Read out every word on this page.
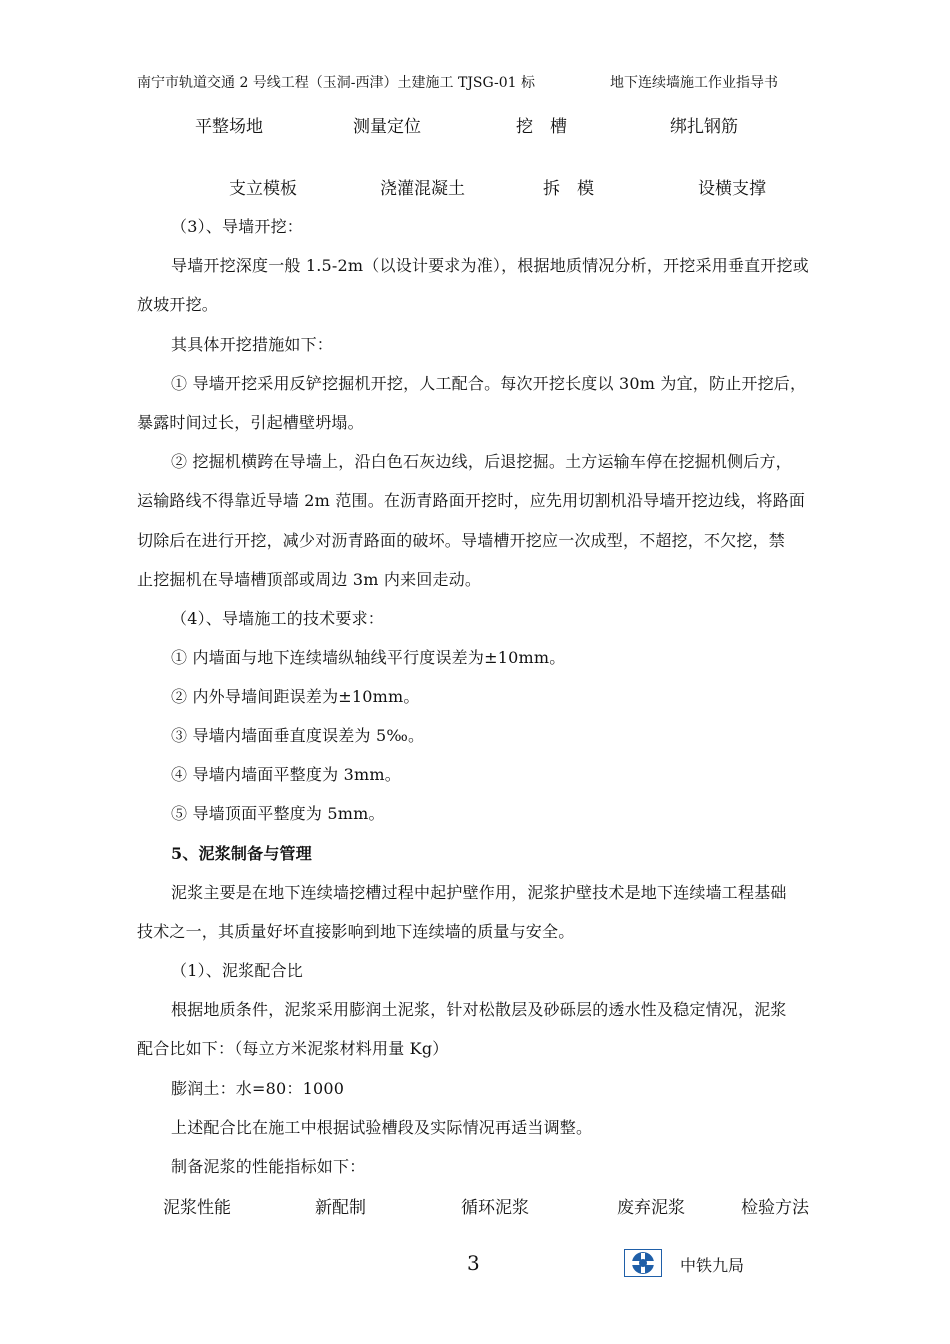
南宁市轨道交通 2 号线工程（玉洞-西津）土建施工 TJSG-01 标	地下连续墙施工作业指导书
平整场地	测量定位	挖　槽	绑扎钢筋
支立模板	浇灌混凝土	拆　模	设横支撑
（3）、导墙开挖：
导墙开挖深度一般 1.5-2m（以设计要求为准），根据地质情况分析，开挖采用垂直开挖或
放坡开挖。
其具体开挖措施如下：
① 导墙开挖采用反铲挖掘机开挖，人工配合。每次开挖长度以 30m 为宜，防止开挖后，
暴露时间过长，引起槽壁坍塌。
② 挖掘机横跨在导墙上，沿白色石灰边线，后退挖掘。土方运输车停在挖掘机侧后方，
运输路线不得靠近导墙 2m 范围。在沥青路面开挖时，应先用切割机沿导墙开挖边线，将路面
切除后在进行开挖，减少对沥青路面的破坏。导墙槽开挖应一次成型，不超挖，不欠挖，禁
止挖掘机在导墙槽顶部或周边 3m 内来回走动。
（4）、导墙施工的技术要求：
① 内墙面与地下连续墙纵轴线平行度误差为±10mm。
② 内外导墙间距误差为±10mm。
③ 导墙内墙面垂直度误差为 5‰。
④ 导墙内墙面平整度为 3mm。
⑤ 导墙顶面平整度为 5mm。
5、泥浆制备与管理
泥浆主要是在地下连续墙挖槽过程中起护壁作用，泥浆护壁技术是地下连续墙工程基础
技术之一，其质量好坏直接影响到地下连续墙的质量与安全。
（1）、泥浆配合比
根据地质条件，泥浆采用膨润土泥浆，针对松散层及砂砾层的透水性及稳定情况，泥浆
配合比如下：（每立方米泥浆材料用量 Kg）
膨润土：水=80：1000
上述配合比在施工中根据试验槽段及实际情况再适当调整。
制备泥浆的性能指标如下：
泥浆性能	新配制	循环泥浆	废弃泥浆	检验方法
3	中铁九局
